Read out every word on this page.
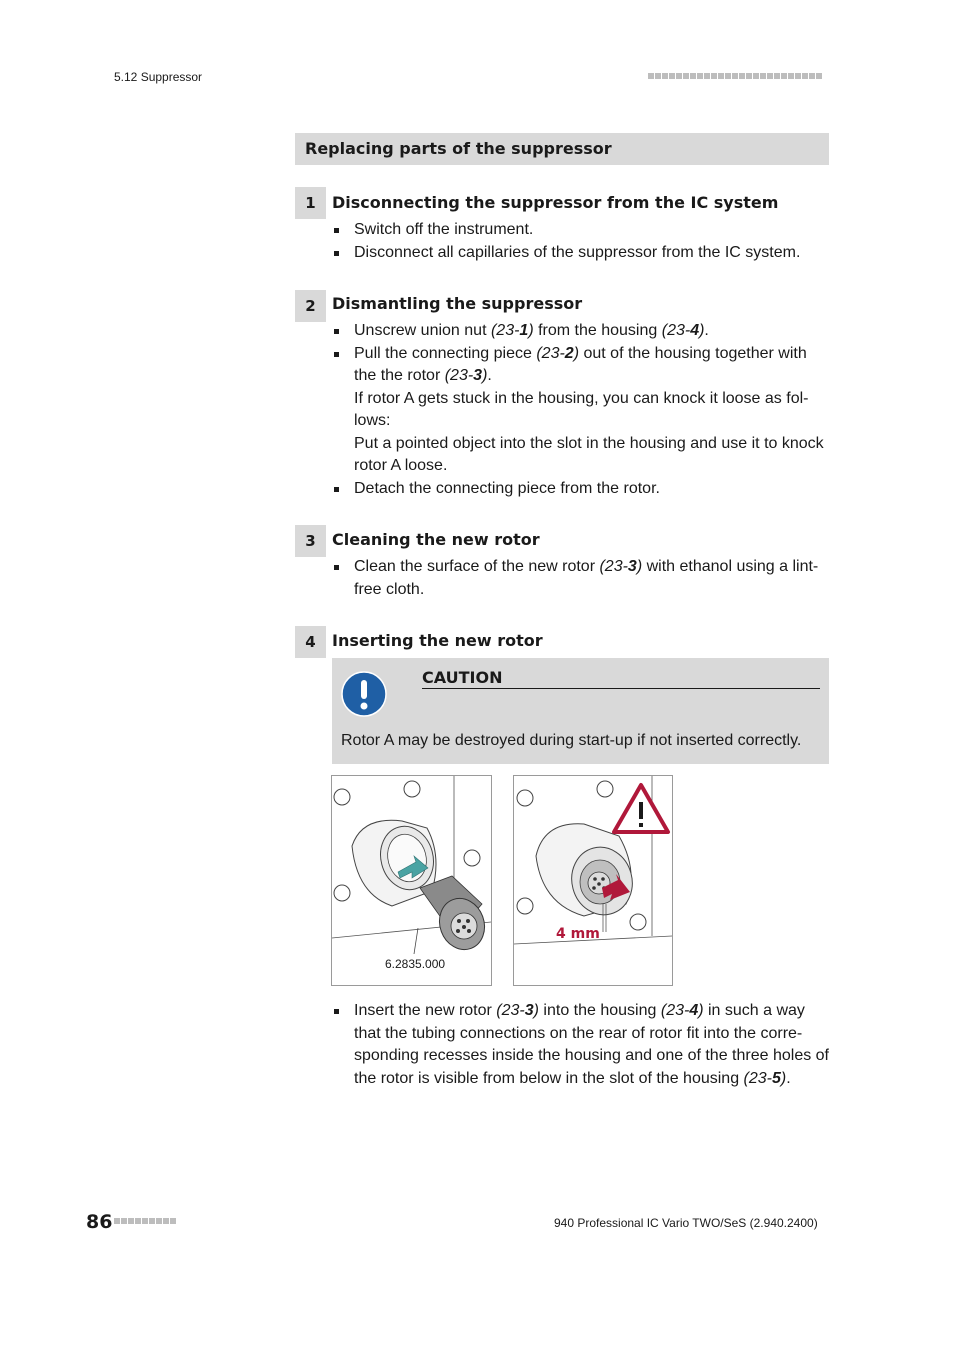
5.12 Suppressor
Replacing parts of the suppressor
1	Disconnecting the suppressor from the IC system
Switch off the instrument.
Disconnect all capillaries of the suppressor from the IC system.
2	Dismantling the suppressor
Unscrew union nut (23-1) from the housing (23-4).
Pull the connecting piece (23-2) out of the housing together with the the rotor (23-3).
If rotor A gets stuck in the housing, you can knock it loose as fol- lows:
Put a pointed object into the slot in the housing and use it to knock rotor A loose.
Detach the connecting piece from the rotor.
3	Cleaning the new rotor
Clean the surface of the new rotor (23-3) with ethanol using a lint-free cloth.
4	Inserting the new rotor
CAUTION
Rotor A may be destroyed during start-up if not inserted correctly.
6.2835.000
4 mm
Insert the new rotor (23-3) into the housing (23-4) in such a way that the tubing connections on the rear of rotor fit into the corre- sponding recesses inside the housing and one of the three holes of the rotor is visible from below in the slot of the housing (23-5).
86	940 Professional IC Vario TWO/SeS (2.940.2400)
